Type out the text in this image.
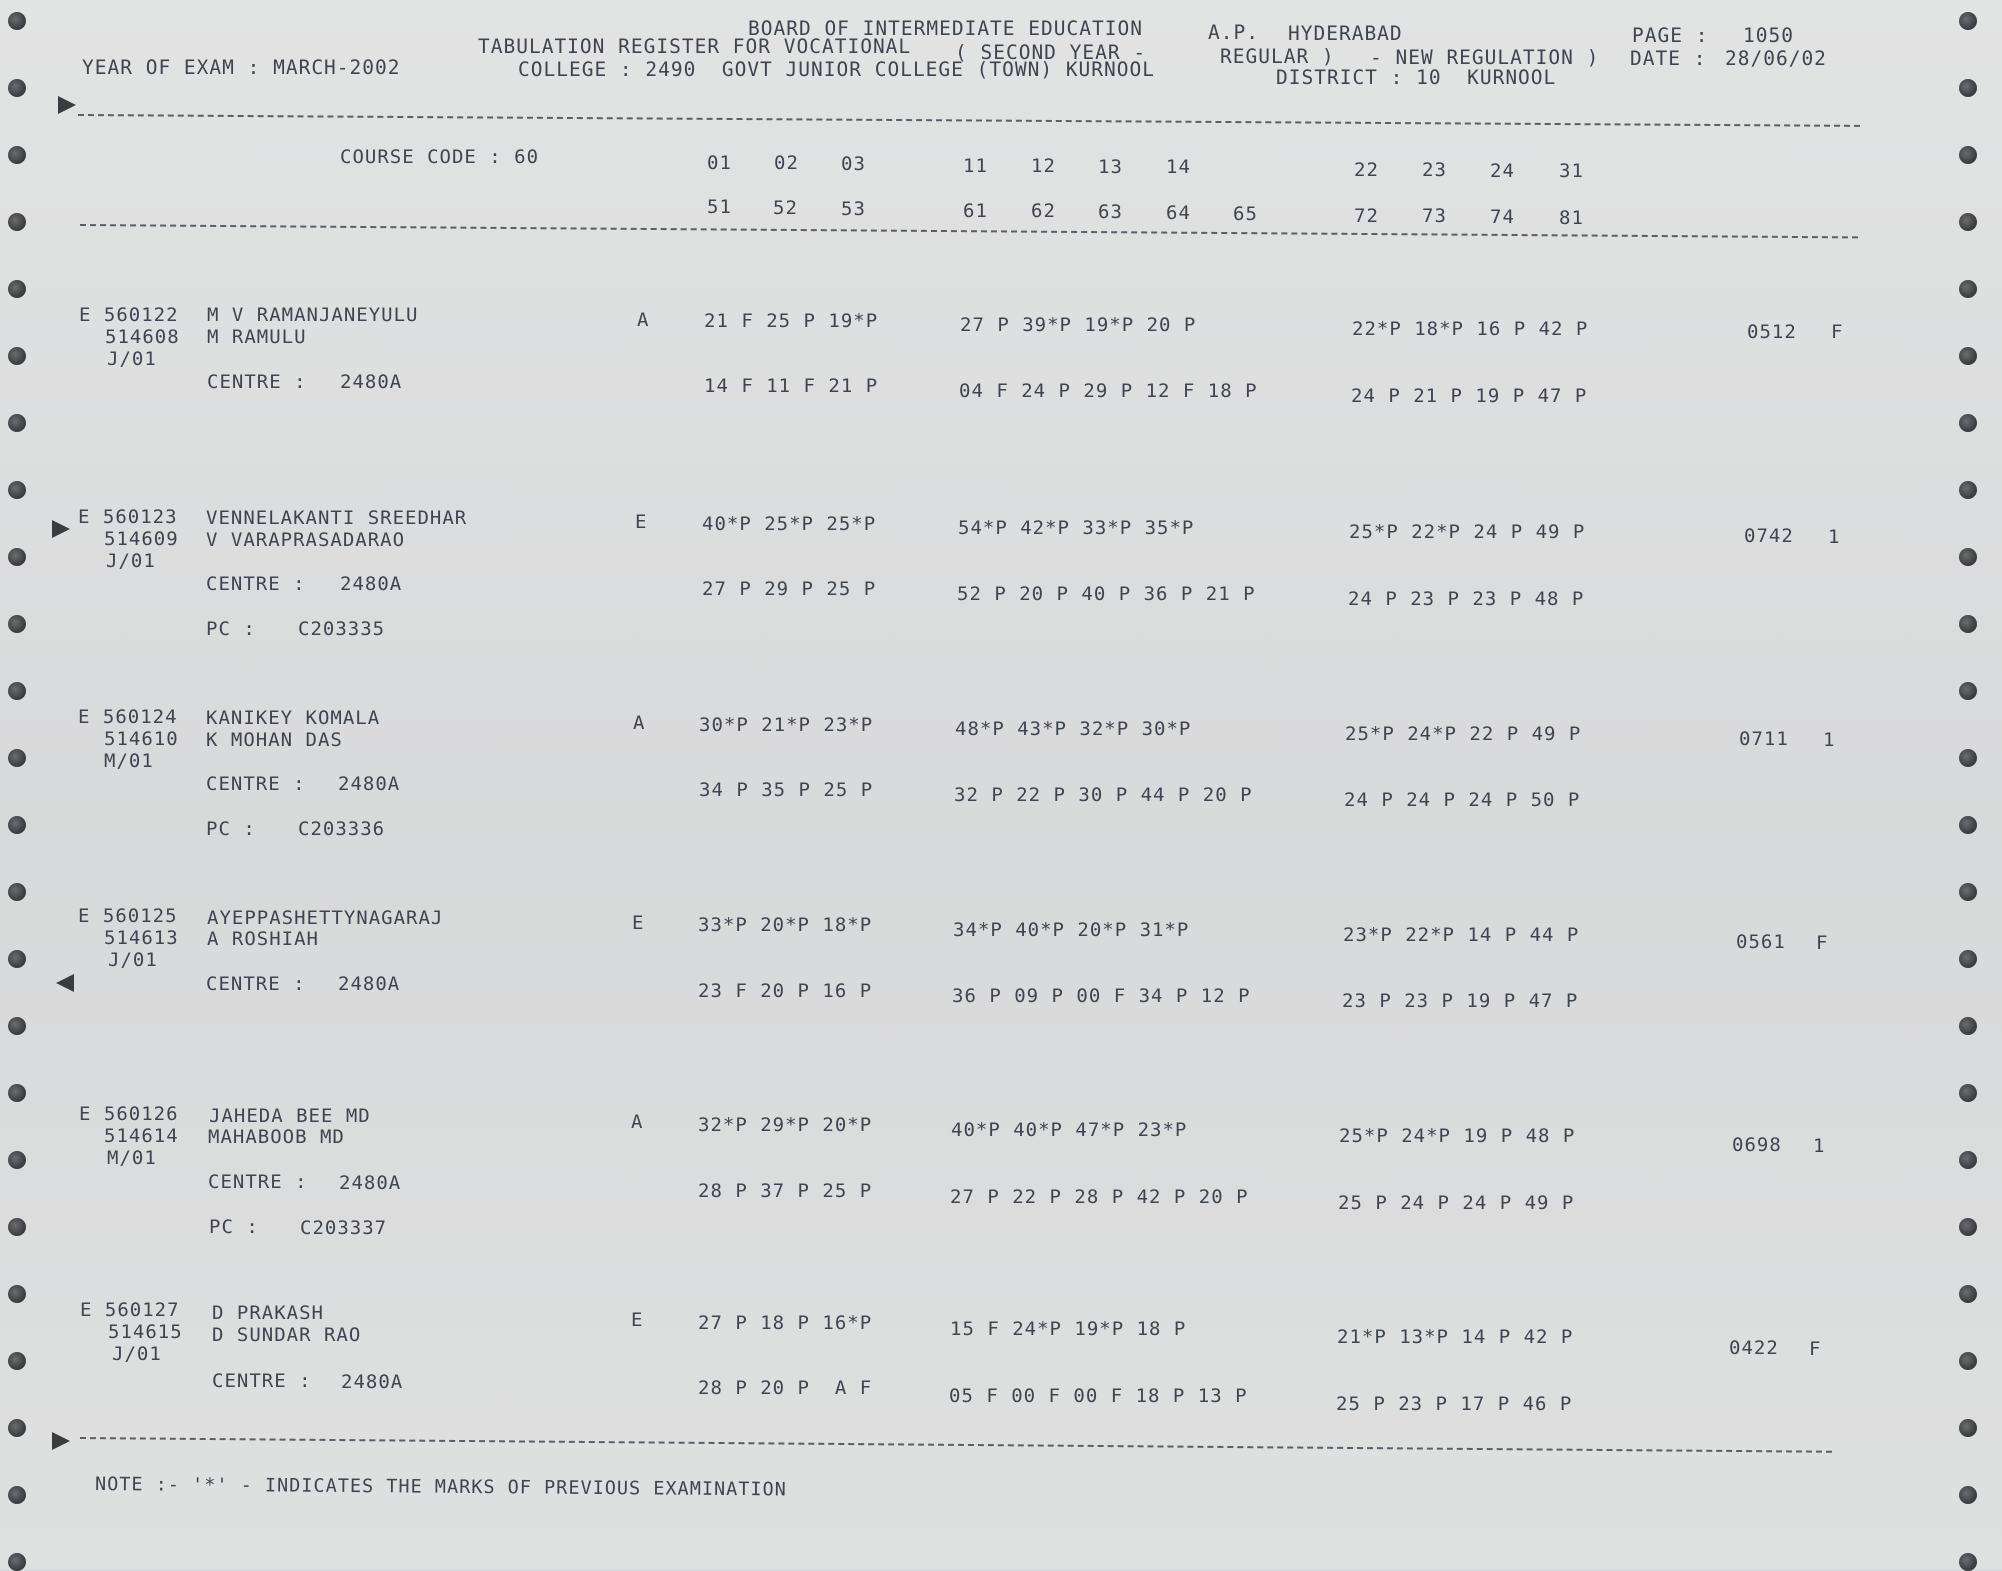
BOARD OF INTERMEDIATE EDUCATION	A.P. HYDERABAD	PAGE : 1050
TABULATION REGISTER FOR VOCATIONAL ( SECOND YEAR -	REGULAR ) - NEW REGULATION ) DATE : 28/06/02
YEAR OF EXAM : MARCH-2002	COLLEGE : 2490  GOVT JUNIOR COLLEGE (TOWN) KURNOOL	DISTRICT : 10  KURNOOL
COURSE CODE : 60	01 02 03	11 12 13 14	22 23 24 31
51 52 53	61 62 63 64 65	72 73 74 81
E 560122 M V RAMANJANEYULU
514608 M RAMULU
J/01
CENTRE : 2480A
A	21 F 25 P 19*P	27 P 39*P 19*P 20 P	22*P 18*P 16 P 42 P
14 F 11 F 21 P	04 F 24 P 29 P 12 F 18 P	24 P 21 P 19 P 47 P
0512 F
E 560123 VENNELAKANTI SREEDHAR
514609 V VARAPRASADARAO
J/01
CENTRE : 2480A
PC : C203335
E	40*P 25*P 25*P	54*P 42*P 33*P 35*P	25*P 22*P 24 P 49 P
27 P 29 P 25 P	52 P 20 P 40 P 36 P 21 P	24 P 23 P 23 P 48 P
0742 1
E 560124 KANIKEY KOMALA
514610 K MOHAN DAS
M/01
CENTRE : 2480A
PC : C203336
A	30*P 21*P 23*P	48*P 43*P 32*P 30*P	25*P 24*P 22 P 49 P
34 P 35 P 25 P	32 P 22 P 30 P 44 P 20 P	24 P 24 P 24 P 50 P
0711 1
E 560125 AYEPPASHETTYNAGARAJ
514613 A ROSHIAH
J/01
CENTRE : 2480A
E	33*P 20*P 18*P	34*P 40*P 20*P 31*P	23*P 22*P 14 P 44 P
23 F 20 P 16 P	36 P 09 P 00 F 34 P 12 P	23 P 23 P 19 P 47 P
0561 F
E 560126 JAHEDA BEE MD
514614 MAHABOOB MD
M/01
CENTRE : 2480A
PC : C203337
A	32*P 29*P 20*P	40*P 40*P 47*P 23*P	25*P 24*P 19 P 48 P
28 P 37 P 25 P	27 P 22 P 28 P 42 P 20 P	25 P 24 P 24 P 49 P
0698 1
E 560127 D PRAKASH
514615 D SUNDAR RAO
J/01
CENTRE : 2480A
E	27 P 18 P 16*P	15 F 24*P 19*P 18 P	21*P 13*P 14 P 42 P
28 P 20 P  A F	05 F 00 F 00 F 18 P 13 P	25 P 23 P 17 P 46 P
0422 F
NOTE :- '*' - INDICATES THE MARKS OF PREVIOUS EXAMINATION
